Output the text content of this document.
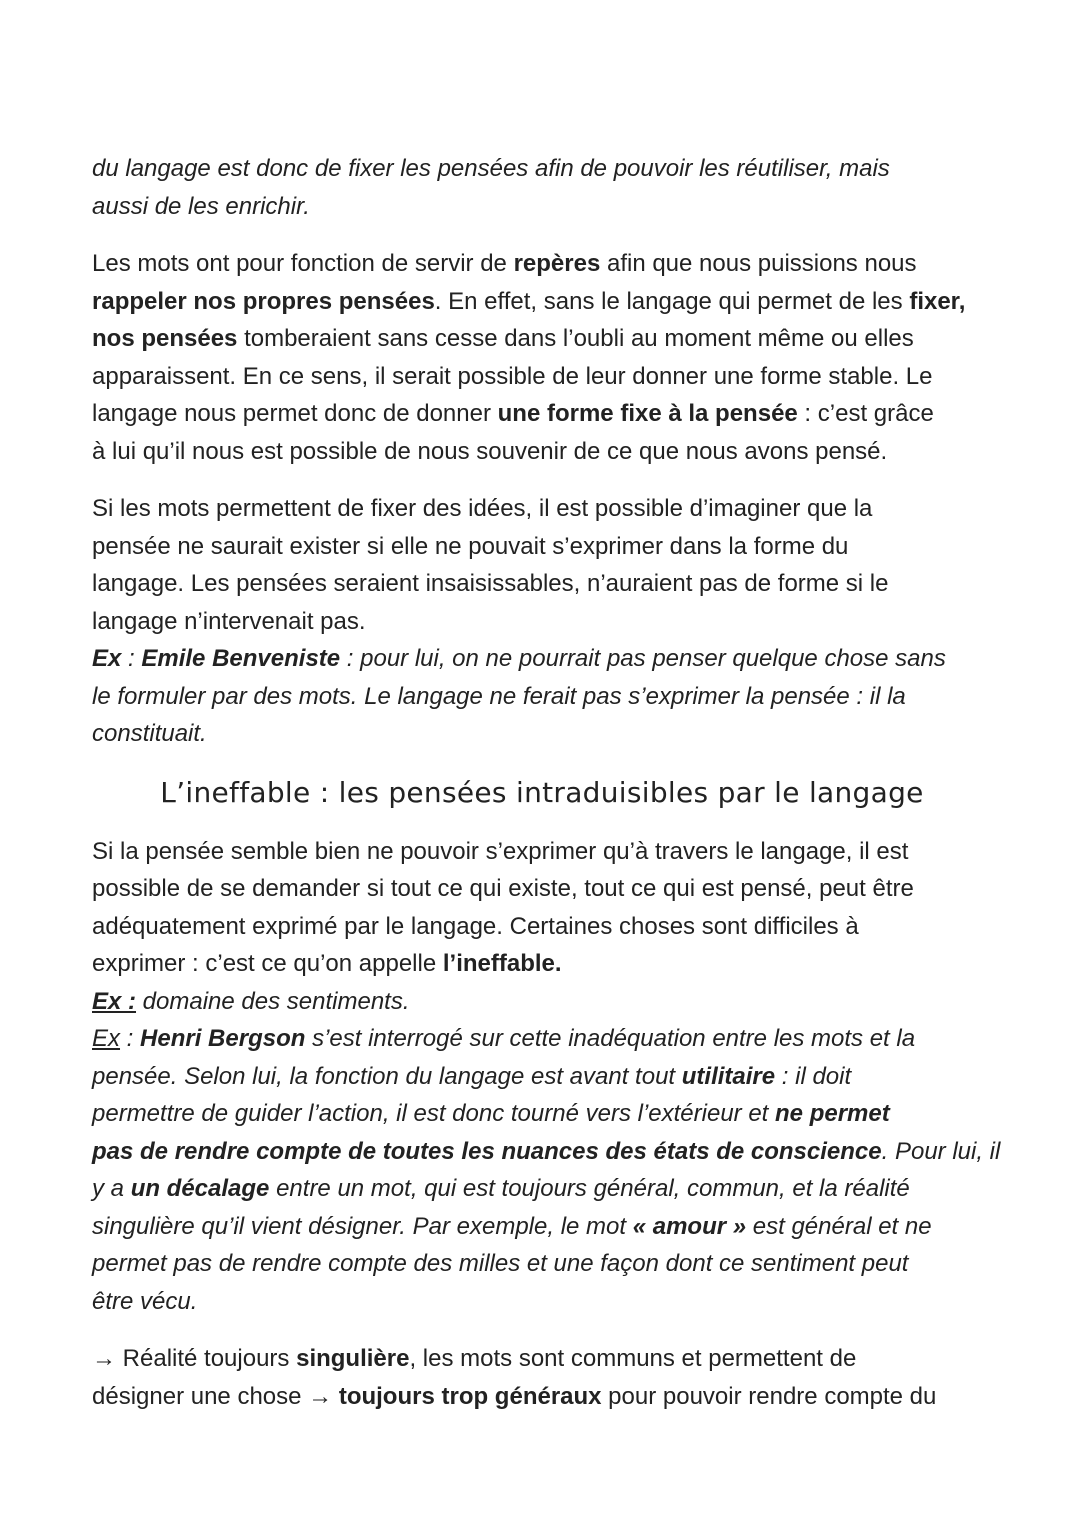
du langage est donc de fixer les pensées afin de pouvoir les réutiliser, mais
aussi de les enrichir.
Les mots ont pour fonction de servir de repères afin que nous puissions nous
rappeler nos propres pensées. En effet, sans le langage qui permet de les fixer,
nos pensées tomberaient sans cesse dans l’oubli au moment même ou elles
apparaissent. En ce sens, il serait possible de leur donner une forme stable. Le
langage nous permet donc de donner une forme fixe à la pensée : c’est grâce
à lui qu’il nous est possible de nous souvenir de ce que nous avons pensé.
Si les mots permettent de fixer des idées, il est possible d’imaginer que la
pensée ne saurait exister si elle ne pouvait s’exprimer dans la forme du
langage. Les pensées seraient insaisissables, n’auraient pas de forme si le
langage n’intervenait pas.
Ex : Emile Benveniste : pour lui, on ne pourrait pas penser quelque chose sans
le formuler par des mots. Le langage ne ferait pas s’exprimer la pensée : il la
constituait.
L’ineffable : les pensées intraduisibles par le langage
Si la pensée semble bien ne pouvoir s’exprimer qu’à travers le langage, il est
possible de se demander si tout ce qui existe, tout ce qui est pensé, peut être
adéquatement exprimé par le langage. Certaines choses sont difficiles à
exprimer : c’est ce qu’on appelle l’ineffable.
Ex : domaine des sentiments.
Ex : Henri Bergson s’est interrogé sur cette inadéquation entre les mots et la
pensée. Selon lui, la fonction du langage est avant tout utilitaire : il doit
permettre de guider l’action, il est donc tourné vers l’extérieur et ne permet
pas de rendre compte de toutes les nuances des états de conscience. Pour lui, il
y a un décalage entre un mot, qui est toujours général, commun, et la réalité
singulière qu’il vient désigner. Par exemple, le mot « amour » est général et ne
permet pas de rendre compte des milles et une façon dont ce sentiment peut
être vécu.
→ Réalité toujours singulière, les mots sont communs et permettent de
désigner une chose → toujours trop généraux pour pouvoir rendre compte du
